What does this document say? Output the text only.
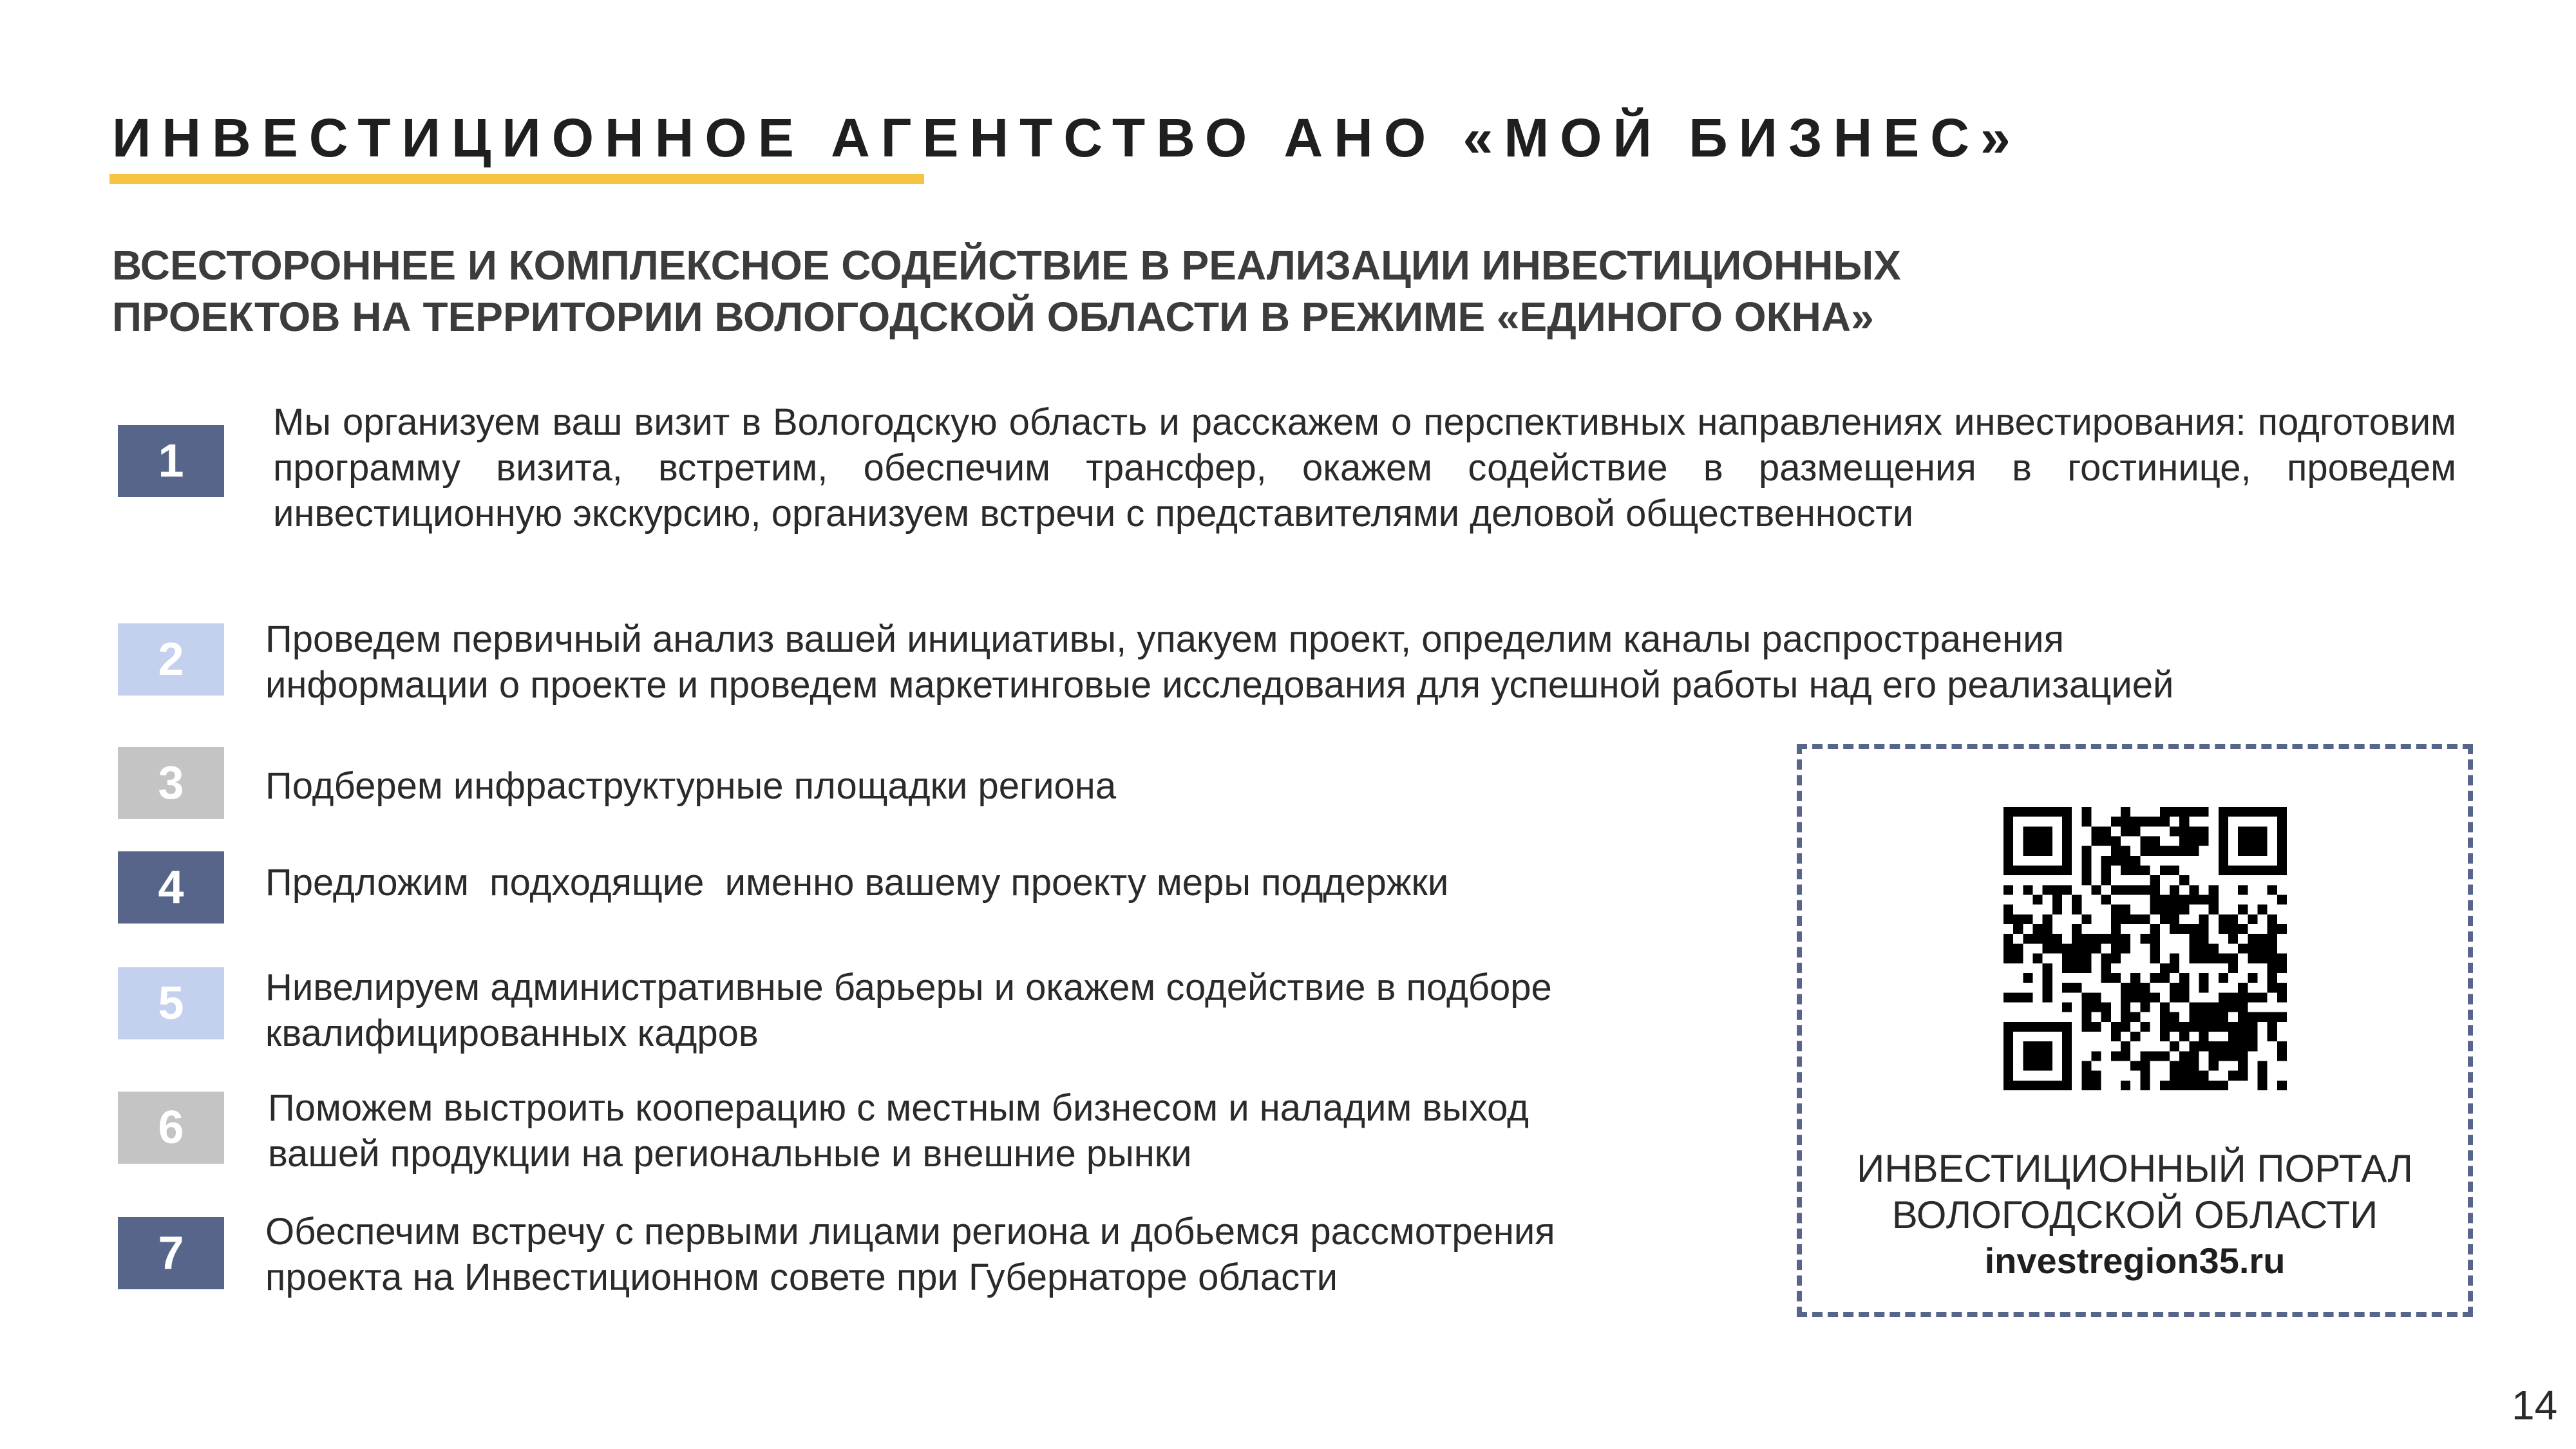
ИНВЕСТИЦИОННОЕ АГЕНТСТВО АНО «МОЙ БИЗНЕС»
ВСЕСТОРОННЕЕ И КОМПЛЕКСНОЕ СОДЕЙСТВИЕ В РЕАЛИЗАЦИИ ИНВЕСТИЦИОННЫХ
ПРОЕКТОВ НА ТЕРРИТОРИИ ВОЛОГОДСКОЙ ОБЛАСТИ В РЕЖИМЕ «ЕДИНОГО ОКНА»
1
Мы организуем ваш визит в Вологодскую область и расскажем о перспективных направлениях инвестирования: подготовим программу визита, встретим, обеспечим трансфер, окажем содействие в размещения в гостинице, проведем инвестиционную экскурсию, организуем встречи с представителями деловой общественности
2	Проведем первичный анализ вашей инициативы, упакуем проект, определим каналы распространения
информации о проекте и проведем маркетинговые исследования для успешной работы над его реализацией
3	Подберем инфраструктурные площадки региона
4	Предложим  подходящие  именно вашему проекту меры поддержки
5	Нивелируем административные барьеры и окажем содействие в подборе
квалифицированных кадров
6	Поможем выстроить кооперацию с местным бизнесом и наладим выход
вашей продукции на региональные и внешние рынки
7	Обеспечим встречу с первыми лицами региона и добьемся рассмотрения
проекта на Инвестиционном совете при Губернаторе области
ИНВЕСТИЦИОННЫЙ ПОРТАЛ
ВОЛОГОДСКОЙ ОБЛАСТИ
investregion35.ru
14
